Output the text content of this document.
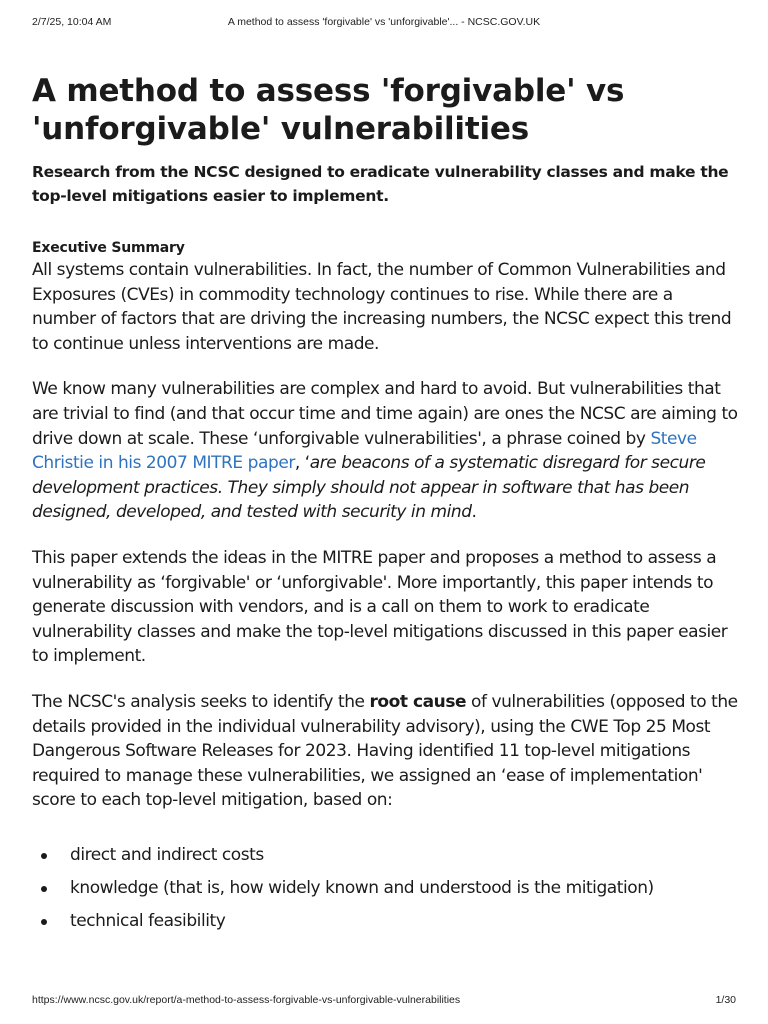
2/7/25, 10:04 AM	A method to assess 'forgivable' vs 'unforgivable'... - NCSC.GOV.UK
A method to assess 'forgivable' vs 'unforgivable' vulnerabilities

Research from the NCSC designed to eradicate vulnerability classes and make the top-level mitigations easier to implement.

Executive Summary

All systems contain vulnerabilities. In fact, the number of Common Vulnerabilities and Exposures (CVEs) in commodity technology continues to rise. While there are a number of factors that are driving the increasing numbers, the NCSC expect this trend to continue unless interventions are made.

We know many vulnerabilities are complex and hard to avoid. But vulnerabilities that are trivial to find (and that occur time and time again) are ones the NCSC are aiming to drive down at scale. These ‘unforgivable vulnerabilities', a phrase coined by Steve Christie in his 2007 MITRE paper, ‘are beacons of a systematic disregard for secure development practices. They simply should not appear in software that has been designed, developed, and tested with security in mind.

This paper extends the ideas in the MITRE paper and proposes a method to assess a vulnerability as ‘forgivable' or ‘unforgivable'. More importantly, this paper intends to generate discussion with vendors, and is a call on them to work to eradicate vulnerability classes and make the top-level mitigations discussed in this paper easier to implement.

The NCSC's analysis seeks to identify the root cause of vulnerabilities (opposed to the details provided in the individual vulnerability advisory), using the CWE Top 25 Most Dangerous Software Releases for 2023. Having identified 11 top-level mitigations required to manage these vulnerabilities, we assigned an ‘ease of implementation' score to each top-level mitigation, based on:

direct and indirect costs
knowledge (that is, how widely known and understood is the mitigation)
technical feasibility
https://www.ncsc.gov.uk/report/a-method-to-assess-forgivable-vs-unforgivable-vulnerabilities	1/30
